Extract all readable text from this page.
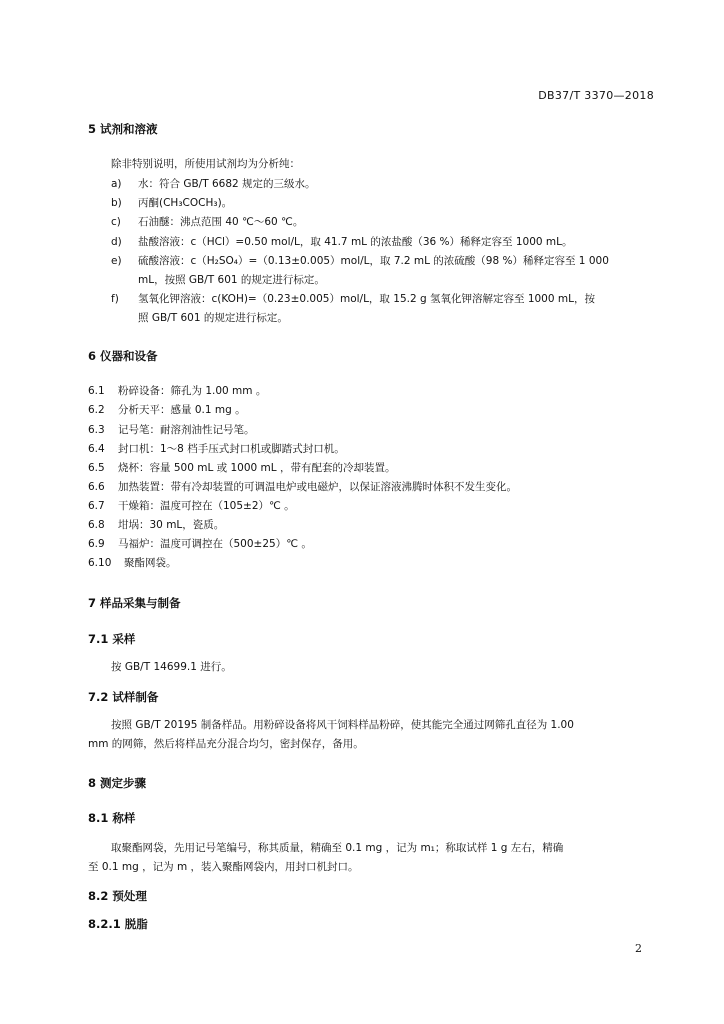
DB37/T 3370—2018
5 试剂和溶液
除非特别说明，所使用试剂均为分析纯：
a) 水：符合 GB/T 6682 规定的三级水。
b) 丙酮(CH₃COCH₃)。
c) 石油醚：沸点范围 40 ℃～60 ℃。
d) 盐酸溶液：c（HCl）=0.50 mol/L，取 41.7 mL 的浓盐酸（36 %）稀释定容至 1000 mL。
e) 硫酸溶液：c（H₂SO₄）=（0.13±0.005）mol/L，取 7.2 mL 的浓硫酸（98 %）稀释定容至 1 000
mL，按照 GB/T 601 的规定进行标定。
f) 氢氧化钾溶液：c(KOH)=（0.23±0.005）mol/L，取 15.2 g 氢氧化钾溶解定容至 1000 mL，按
照 GB/T 601 的规定进行标定。
6 仪器和设备
6.1 粉碎设备：筛孔为 1.00 mm 。
6.2 分析天平：感量 0.1 mg 。
6.3 记号笔：耐溶剂油性记号笔。
6.4 封口机：1～8 档手压式封口机或脚踏式封口机。
6.5 烧杯：容量 500 mL 或 1000 mL ，带有配套的冷却装置。
6.6 加热装置：带有冷却装置的可调温电炉或电磁炉，以保证溶液沸腾时体积不发生变化。
6.7 干燥箱：温度可控在（105±2）℃ 。
6.8 坩埚：30 mL，瓷质。
6.9 马福炉：温度可调控在（500±25）℃ 。
6.10 聚酯网袋。
7 样品采集与制备
7.1 采样
按 GB/T 14699.1 进行。
7.2 试样制备
按照 GB/T 20195 制备样品。用粉碎设备将风干饲料样品粉碎，使其能完全通过网筛孔直径为 1.00
mm 的网筛，然后将样品充分混合均匀，密封保存，备用。
8 测定步骤
8.1 称样
取聚酯网袋，先用记号笔编号，称其质量，精确至 0.1 mg ，记为 m₁；称取试样 1 g 左右，精确
至 0.1 mg ，记为 m ，装入聚酯网袋内，用封口机封口。
8.2 预处理
8.2.1 脱脂
2
